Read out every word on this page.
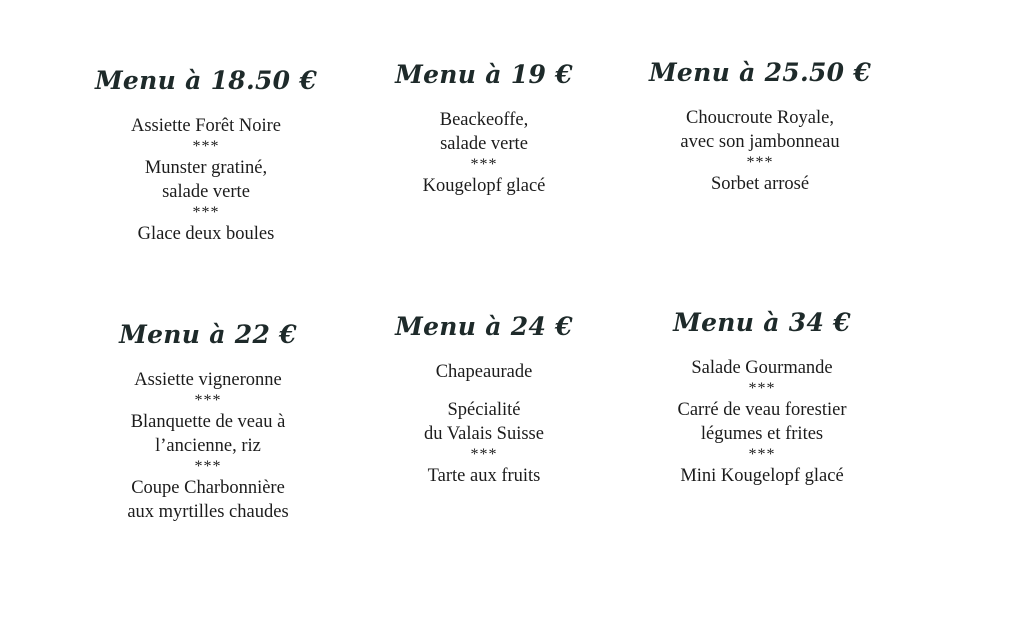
Menu à 18.50 €
Assiette Forêt Noire
***
Munster gratiné,
salade verte
***
Glace deux boules
Menu à 19 €
Beackeoffe,
salade verte
***
Kougelopf glacé
Menu à 25.50 €
Choucroute Royale,
avec son jambonneau
***
Sorbet arrosé
Menu à 22 €
Assiette vigneronne
***
Blanquette de veau à
l’ancienne, riz
***
Coupe Charbonnière
aux myrtilles chaudes
Menu à 24 €
Chapeaurade
Spécialité
du Valais Suisse
***
Tarte aux fruits
Menu à 34 €
Salade Gourmande
***
Carré de veau forestier
légumes et frites
***
Mini Kougelopf glacé
